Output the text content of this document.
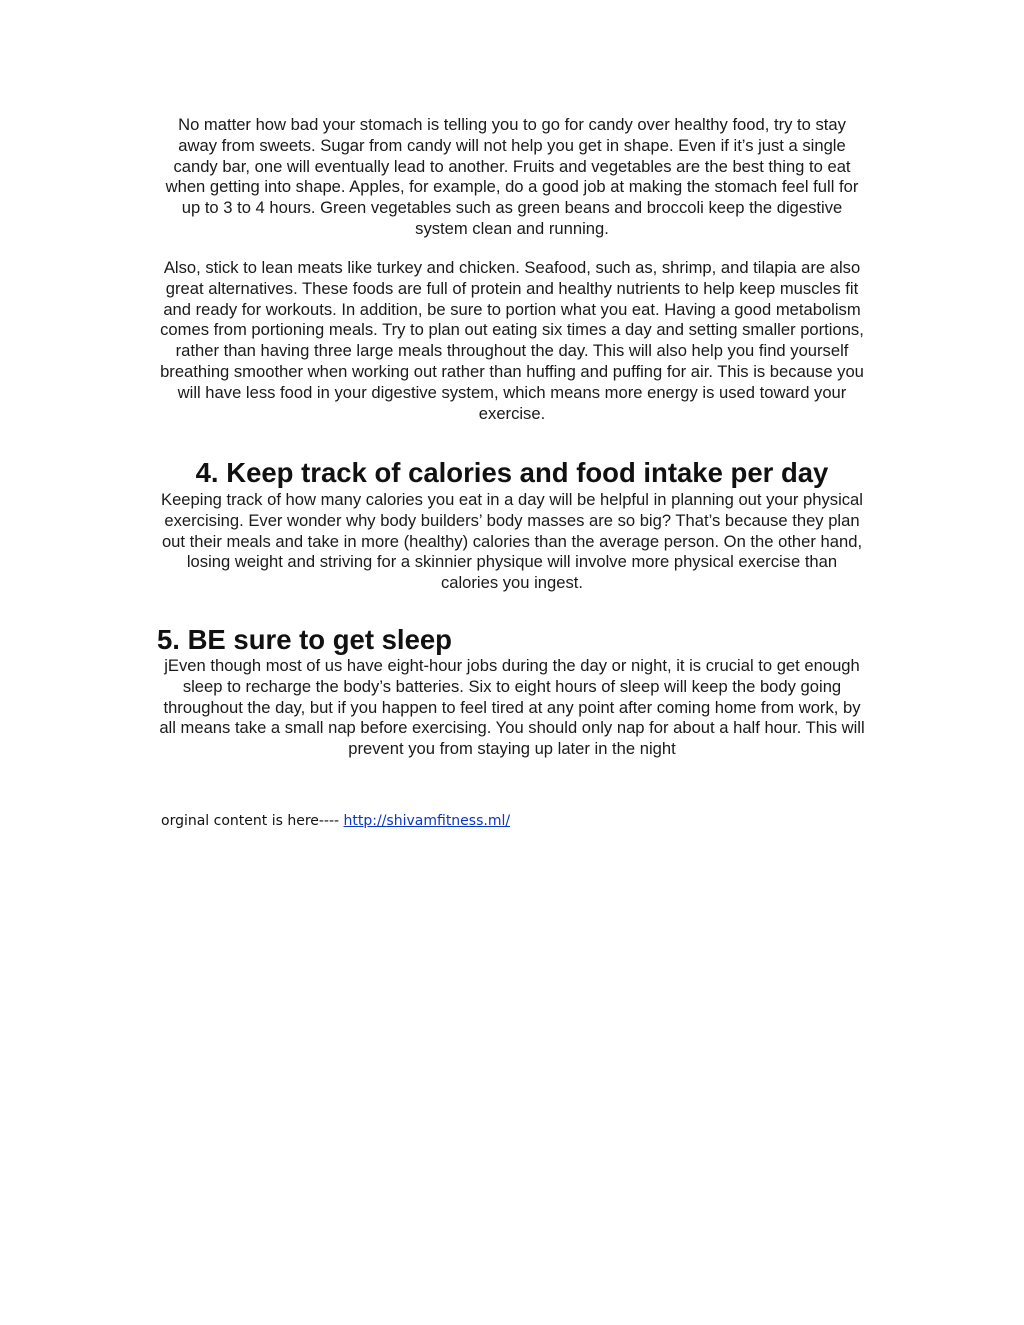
No matter how bad your stomach is telling you to go for candy over healthy food, try to stay away from sweets. Sugar from candy will not help you get in shape. Even if it’s just a single candy bar, one will eventually lead to another. Fruits and vegetables are the best thing to eat when getting into shape. Apples, for example, do a good job at making the stomach feel full for up to 3 to 4 hours. Green vegetables such as green beans and broccoli keep the digestive system clean and running.

Also, stick to lean meats like turkey and chicken. Seafood, such as, shrimp, and tilapia are also great alternatives. These foods are full of protein and healthy nutrients to help keep muscles fit and ready for workouts. In addition, be sure to portion what you eat. Having a good metabolism comes from portioning meals. Try to plan out eating six times a day and setting smaller portions, rather than having three large meals throughout the day. This will also help you find yourself breathing smoother when working out rather than huffing and puffing for air. This is because you will have less food in your digestive system, which means more energy is used toward your exercise.

4. Keep track of calories and food intake per day

Keeping track of how many calories you eat in a day will be helpful in planning out your physical exercising. Ever wonder why body builders’ body masses are so big? That’s because they plan out their meals and take in more (healthy) calories than the average person. On the other hand, losing weight and striving for a skinnier physique will involve more physical exercise than calories you ingest.

5. BE sure to get sleep

jEven though most of us have eight-hour jobs during the day or night, it is crucial to get enough sleep to recharge the body’s batteries. Six to eight hours of sleep will keep the body going throughout the day, but if you happen to feel tired at any point after coming home from work, by all means take a small nap before exercising. You should only nap for about a half hour. This will prevent you from staying up later in the night

orginal content is here---- http://shivamfitness.ml/
